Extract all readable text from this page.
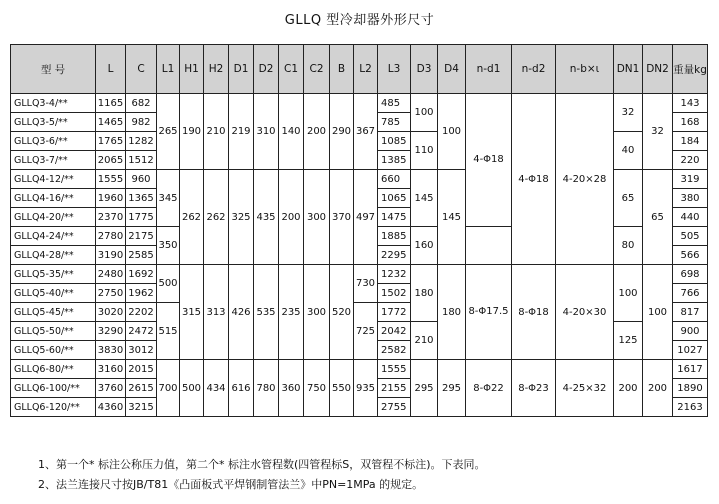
GLLQ 型冷却器外形尺寸
型 号	L	C	L1	H1	H2	D1	D2	C1	C2	B	L2	L3	D3	D4	n-d1	n-d2	n-b×ι	DN1	DN2	重量kg
GLLQ3-4/**	1165	682	265	190	210	219	310	140	200	290	367	485	100	100	4-Φ18	4-Φ18	4-20×28	32	32	143
GLLQ3-5/**	1465	982										785								168
GLLQ3-6/**	1765	1282										1085	110					40		184
GLLQ3-7/**	2065	1512										1385								220
GLLQ4-12/**	1555	960	345	262	262	325	435	200	300	370	497	660	145	145				65	65	319
GLLQ4-16/**	1960	1365										1065								380
GLLQ4-20/**	2370	1775										1475								440
GLLQ4-24/**	2780	2175	350									1885	160					80		505
GLLQ4-28/**	3190	2585										2295								566
GLLQ5-35/**	2480	1692	500	315	313	426	535	235	300	520	730	1232	180	180	8-Φ17.5	8-Φ18	4-20×30	100	100	698
GLLQ5-40/**	2750	1962										1502								766
GLLQ5-45/**	3020	2202	515								725	1772								817
GLLQ5-50/**	3290	2472										2042	210					125		900
GLLQ5-60/**	3830	3012										2582								1027
GLLQ6-80/**	3160	2015	700	500	434	616	780	360	750	550	935	1555	295	295	8-Φ22	8-Φ23	4-25×32	200	200	1617
GLLQ6-100/**	3760	2615										2155								1890
GLLQ6-120/**	4360	3215										2755								2163
1、第一个* 标注公称压力值，第二个* 标注水管程数(四管程标S，双管程不标注)。下表同。
2、法兰连接尺寸按JB/T81《凸面板式平焊钢制管法兰》中PN=1MPa 的规定。
